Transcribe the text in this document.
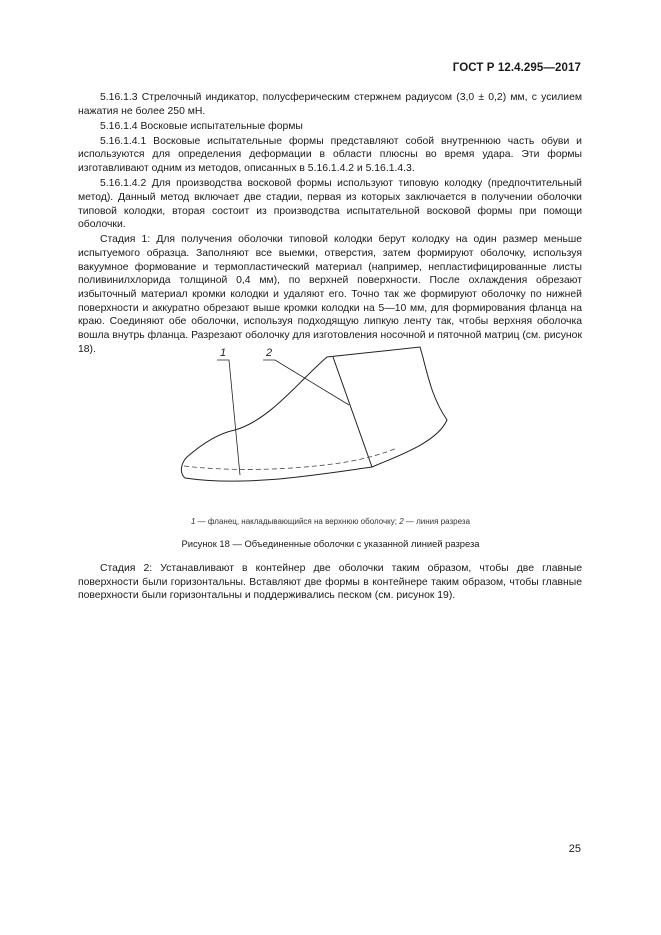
ГОСТ Р 12.4.295—2017

5.16.1.3 Стрелочный индикатор, полусферическим стержнем радиусом (3,0 ± 0,2) мм, с усилием нажатия не более 250 мН.

5.16.1.4 Восковые испытательные формы

5.16.1.4.1 Восковые испытательные формы представляют собой внутреннюю часть обуви и используются для определения деформации в области плюсны во время удара. Эти формы изготавливают одним из методов, описанных в 5.16.1.4.2 и 5.16.1.4.3.

5.16.1.4.2 Для производства восковой формы используют типовую колодку (предпочтительный метод). Данный метод включает две стадии, первая из которых заключается в получении оболочки типовой колодки, вторая состоит из производства испытательной восковой формы при помощи оболочки.

Стадия 1: Для получения оболочки типовой колодки берут колодку на один размер меньше испытуемого образца. Заполняют все выемки, отверстия, затем формируют оболочку, используя вакуумное формование и термопластический материал (например, непластифицированные листы поливинилхлорида толщиной 0,4 мм), по верхней поверхности. После охлаждения обрезают избыточный материал кромки колодки и удаляют его. Точно так же формируют оболочку по нижней поверхности и аккуратно обрезают выше кромки колодки на 5—10 мм, для формирования фланца на краю. Соединяют обе оболочки, используя подходящую липкую ленту так, чтобы верхняя оболочка вошла внутрь фланца. Разрезают оболочку для изготовления носочной и пяточной матриц (см. рисунок 18).	1	2
1 — фланец, накладывающийся на верхнюю оболочку; 2 — линия разреза
Рисунок 18 — Объединенные оболочки с указанной линией разреза

Стадия 2: Устанавливают в контейнер две оболочки таким образом, чтобы две главные поверхности были горизонтальны. Вставляют две формы в контейнере таким образом, чтобы главные поверхности были горизонтальны и поддерживались песком (см. рисунок 19).

25
